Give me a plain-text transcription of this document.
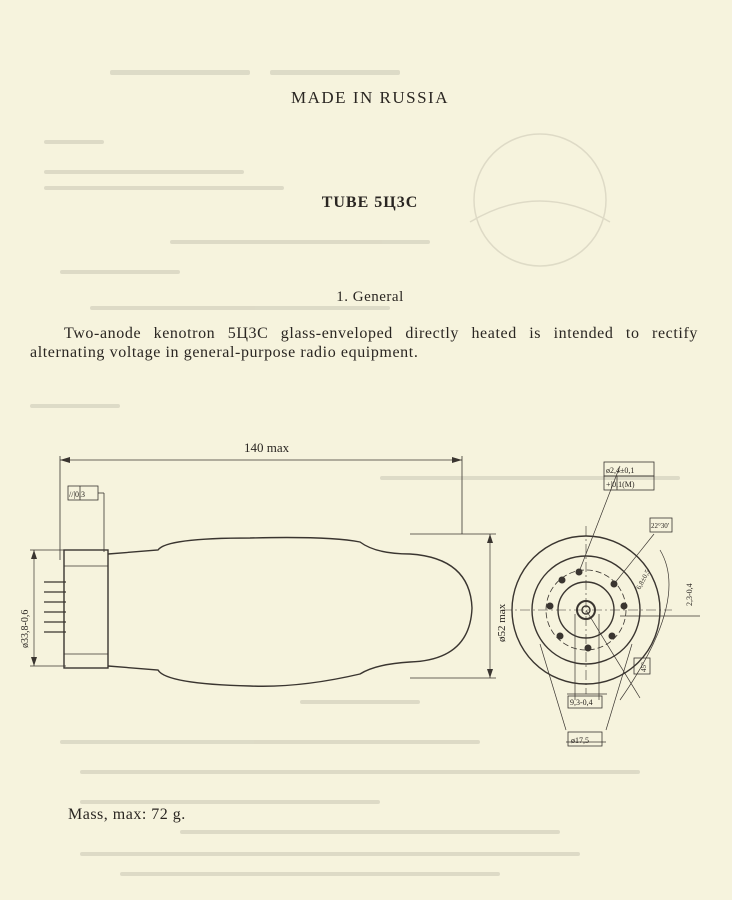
MADE IN RUSSIA
TUBE 5Ц3С
1. General

Two-anode kenotron 5Ц3С glass-enveloped directly heated is intended to rectify alternating voltage in general-purpose radio equipment.

140 max
ø52 max
ø33,8-0,6
//|0,3
ø2,4±0,1
+|0,1(M)
22°30'
45°
2,3-0,4
6,8±0,5
9,3-0,4
ø17,5
Mass, max: 72 g.
